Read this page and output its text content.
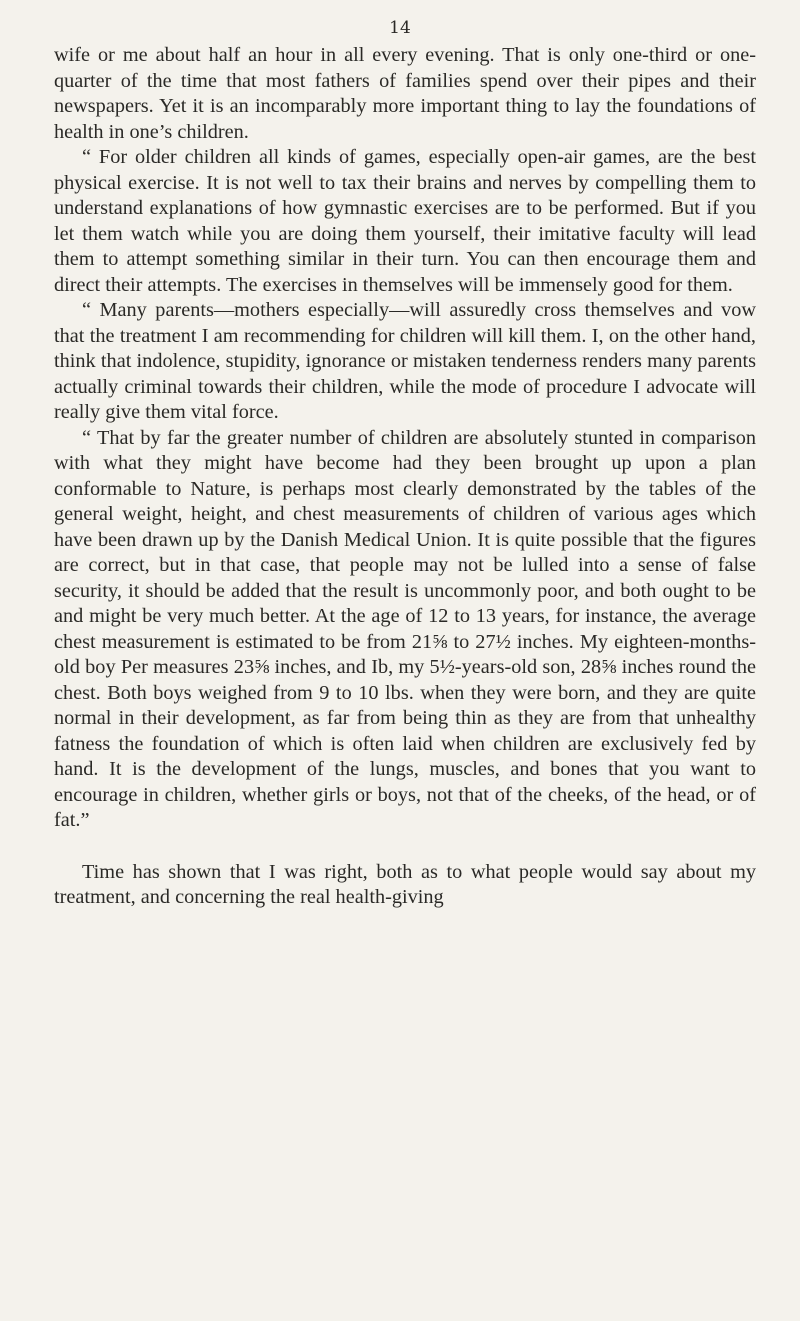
14

wife or me about half an hour in all every evening. That is only one-third or one-quarter of the time that most fathers of families spend over their pipes and their newspapers. Yet it is an incomparably more important thing to lay the foundations of health in one’s children.

“ For older children all kinds of games, especially open-air games, are the best physical exercise. It is not well to tax their brains and nerves by compelling them to understand explanations of how gymnastic exercises are to be performed. But if you let them watch while you are doing them yourself, their imitative faculty will lead them to attempt something similar in their turn. You can then encourage them and direct their attempts. The exercises in themselves will be immensely good for them.

“ Many parents—mothers especially—will assuredly cross themselves and vow that the treatment I am recommending for children will kill them. I, on the other hand, think that indolence, stupidity, ignorance or mistaken tenderness renders many parents actually criminal towards their children, while the mode of procedure I advocate will really give them vital force.

“ That by far the greater number of children are absolutely stunted in comparison with what they might have become had they been brought up upon a plan conformable to Nature, is perhaps most clearly demonstrated by the tables of the general weight, height, and chest measurements of children of various ages which have been drawn up by the Danish Medical Union. It is quite possible that the figures are correct, but in that case, that people may not be lulled into a sense of false security, it should be added that the result is uncommonly poor, and both ought to be and might be very much better. At the age of 12 to 13 years, for instance, the average chest measurement is estimated to be from 21⅝ to 27½ inches. My eighteen-months-old boy Per measures 23⅝ inches, and Ib, my 5½-years-old son, 28⅝ inches round the chest. Both boys weighed from 9 to 10 lbs. when they were born, and they are quite normal in their development, as far from being thin as they are from that unhealthy fatness the foundation of which is often laid when children are exclusively fed by hand. It is the development of the lungs, muscles, and bones that you want to encourage in children, whether girls or boys, not that of the cheeks, of the head, or of fat.”

Time has shown that I was right, both as to what people would say about my treatment, and concerning the real health-giving
